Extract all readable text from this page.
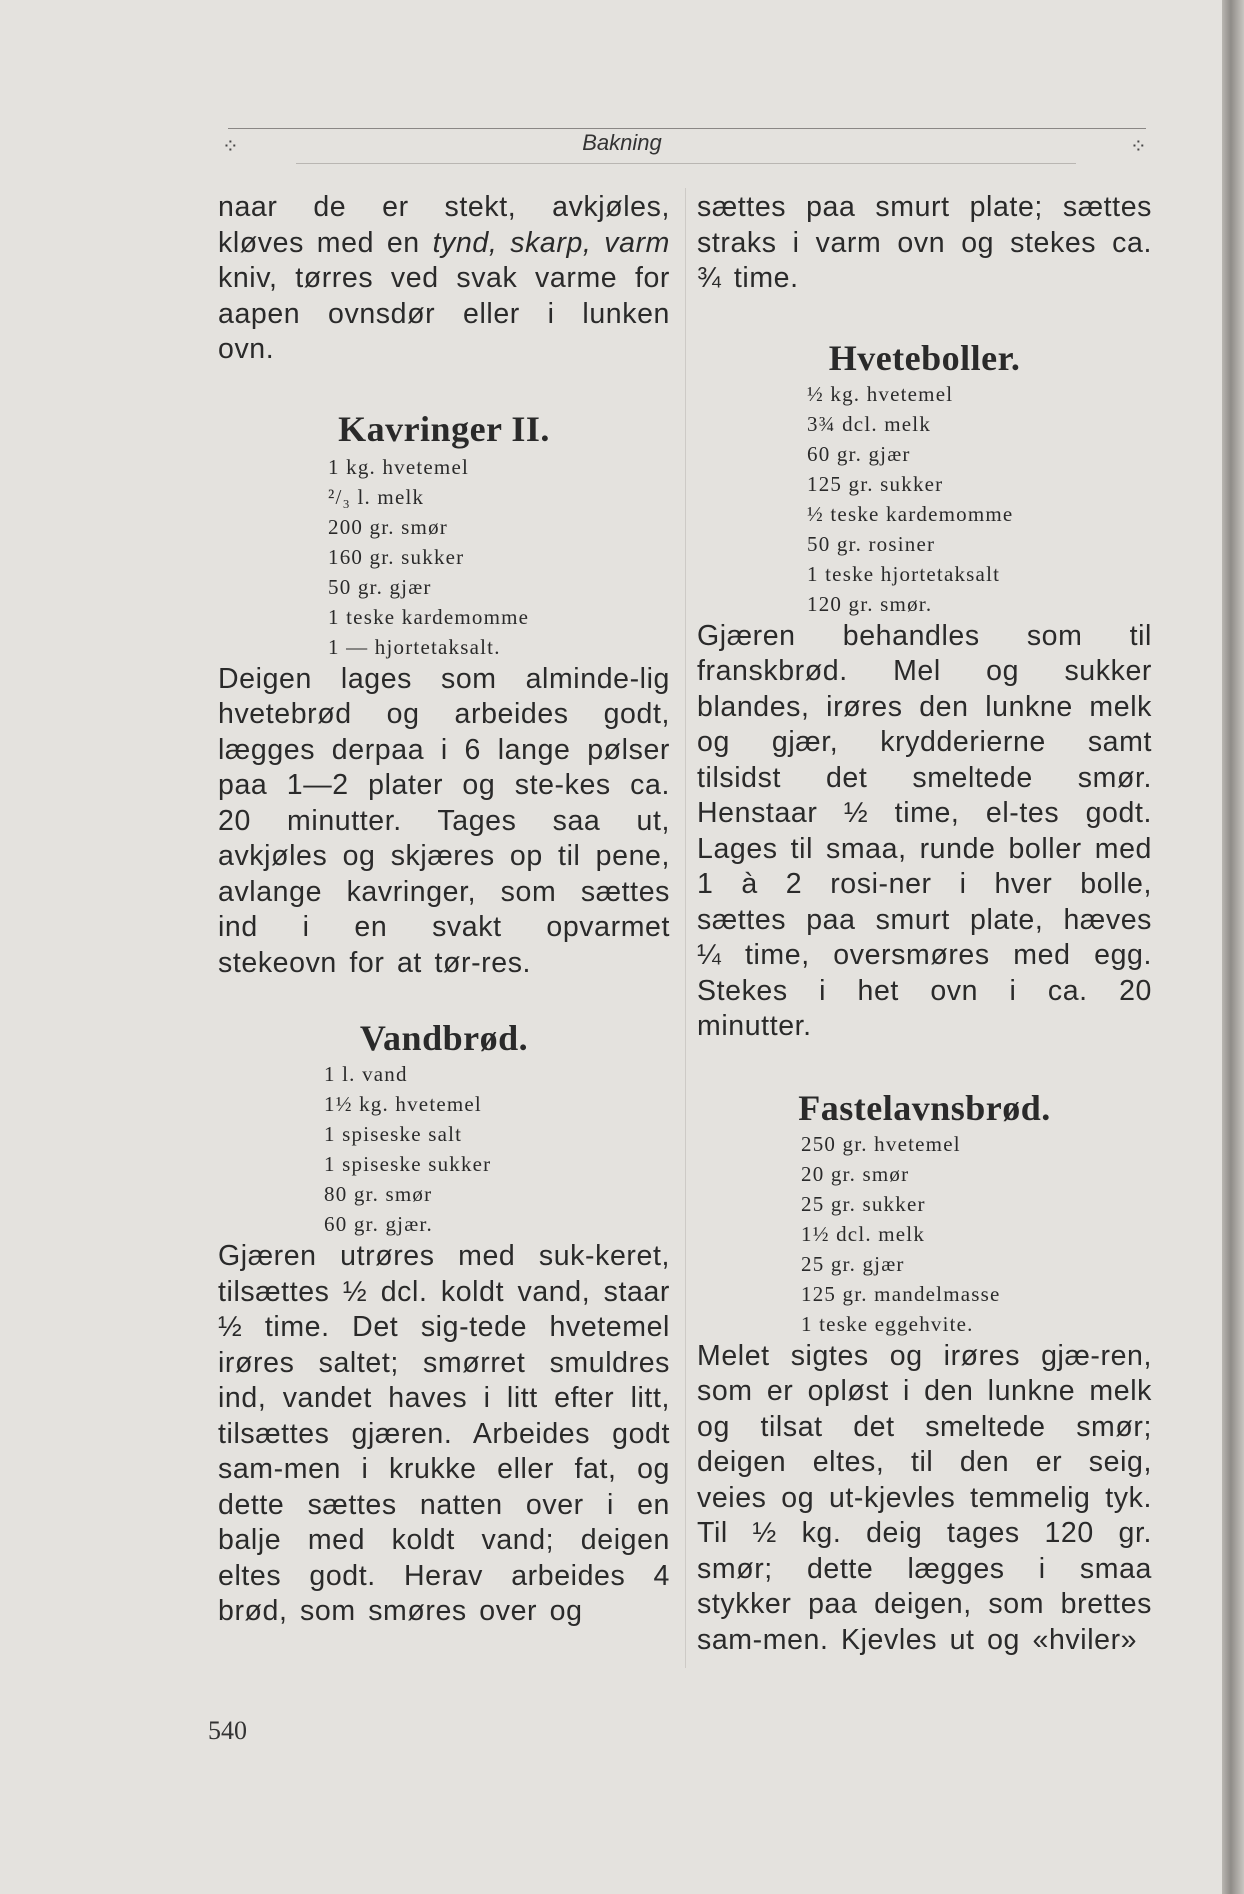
⁘	Bakning	⁘

naar de er stekt, avkjøles, kløves med en tynd, skarp, varm kniv, tørres ved svak varme for aapen ovnsdør eller i lunken ovn.

Kavringer II.
1 kg. hvetemel
²/₃ l. melk
200 gr. smør
160 gr. sukker
50 gr. gjær
1 teske kardemomme
1 — hjortetaksalt.

Deigen lages som alminde-lig hvetebrød og arbeides godt, lægges derpaa i 6 lange pølser paa 1—2 plater og ste-kes ca. 20 minutter. Tages saa ut, avkjøles og skjæres op til pene, avlange kavringer, som sættes ind i en svakt opvarmet stekeovn for at tør-res.

Vandbrød.
1 l. vand
1½ kg. hvetemel
1 spiseske salt
1 spiseske sukker
80 gr. smør
60 gr. gjær.

Gjæren utrøres med suk-keret, tilsættes ½ dcl. koldt vand, staar ½ time. Det sig-tede hvetemel irøres saltet; smørret smuldres ind, vandet haves i litt efter litt, tilsættes gjæren. Arbeides godt sam-men i krukke eller fat, og dette sættes natten over i en balje med koldt vand; deigen eltes godt. Herav arbeides 4 brød, som smøres over og

sættes paa smurt plate; sættes straks i varm ovn og stekes ca. ¾ time.

Hveteboller.
½ kg. hvetemel
3¾ dcl. melk
60 gr. gjær
125 gr. sukker
½ teske kardemomme
50 gr. rosiner
1 teske hjortetaksalt
120 gr. smør.

Gjæren behandles som til franskbrød. Mel og sukker blandes, irøres den lunkne melk og gjær, krydderierne samt tilsidst det smeltede smør. Henstaar ½ time, el-tes godt. Lages til smaa, runde boller med 1 à 2 rosi-ner i hver bolle, sættes paa smurt plate, hæves ¼ time, oversmøres med egg. Stekes i het ovn i ca. 20 minutter.

Fastelavnsbrød.
250 gr. hvetemel
20 gr. smør
25 gr. sukker
1½ dcl. melk
25 gr. gjær
125 gr. mandelmasse
1 teske eggehvite.

Melet sigtes og irøres gjæ-ren, som er opløst i den lunkne melk og tilsat det smeltede smør; deigen eltes, til den er seig, veies og ut-kjevles temmelig tyk. Til ½ kg. deig tages 120 gr. smør; dette lægges i smaa stykker paa deigen, som brettes sam-men. Kjevles ut og «hviler»

540
